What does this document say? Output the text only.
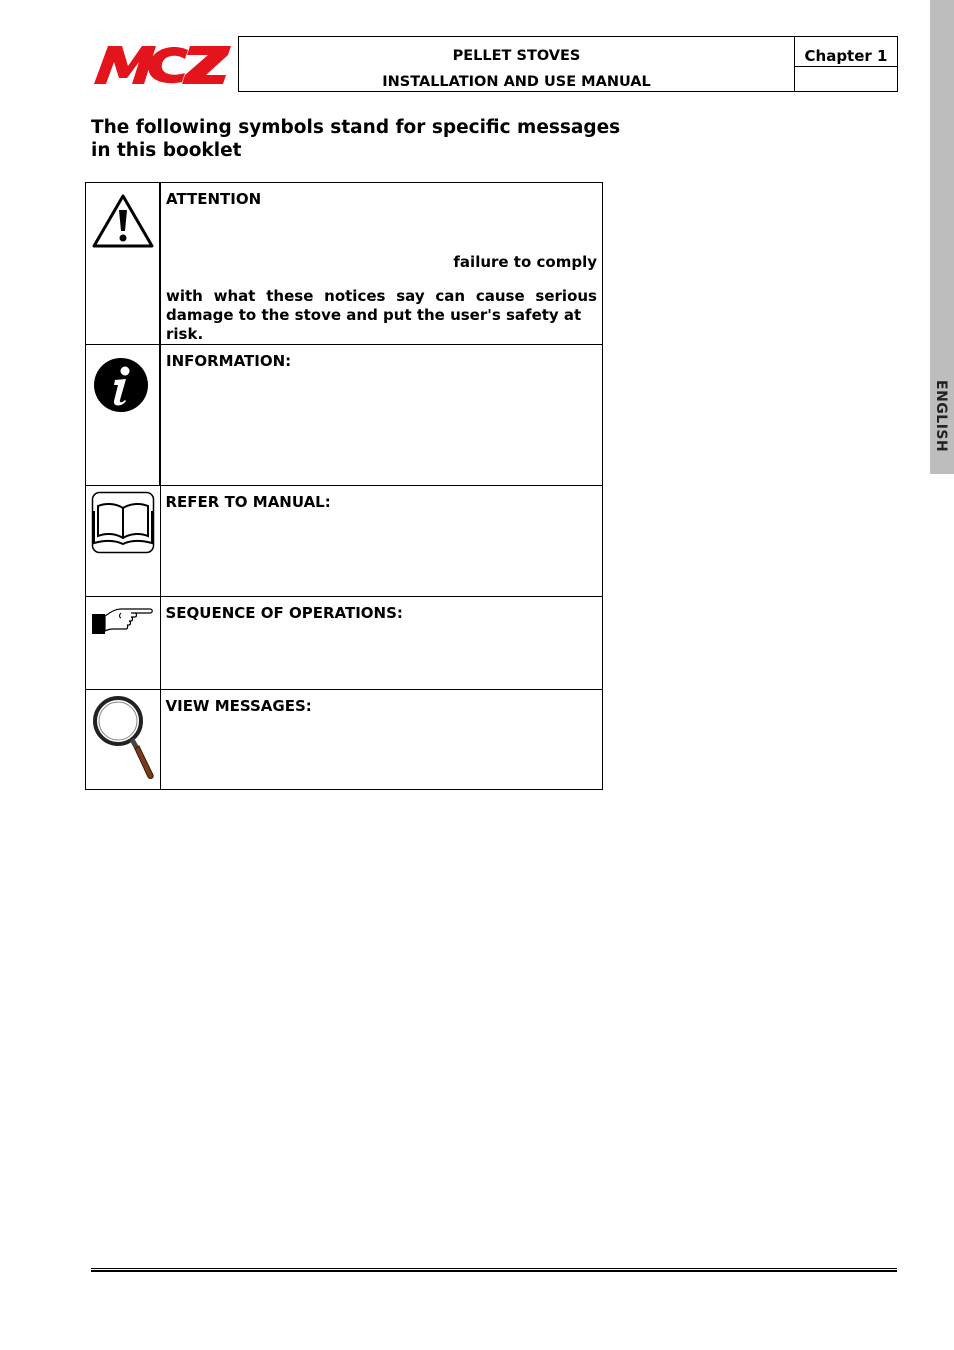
PELLET STOVES
INSTALLATION AND USE MANUAL
Chapter 1
The following symbols stand for specific messages in this booklet

ATTENTION

failure to comply

with what these notices say can cause serious

damage to the stove and put the user's safety at risk.

INFORMATION:

REFER TO MANUAL:

SEQUENCE OF OPERATIONS:

VIEW MESSAGES:
ENGLISH
